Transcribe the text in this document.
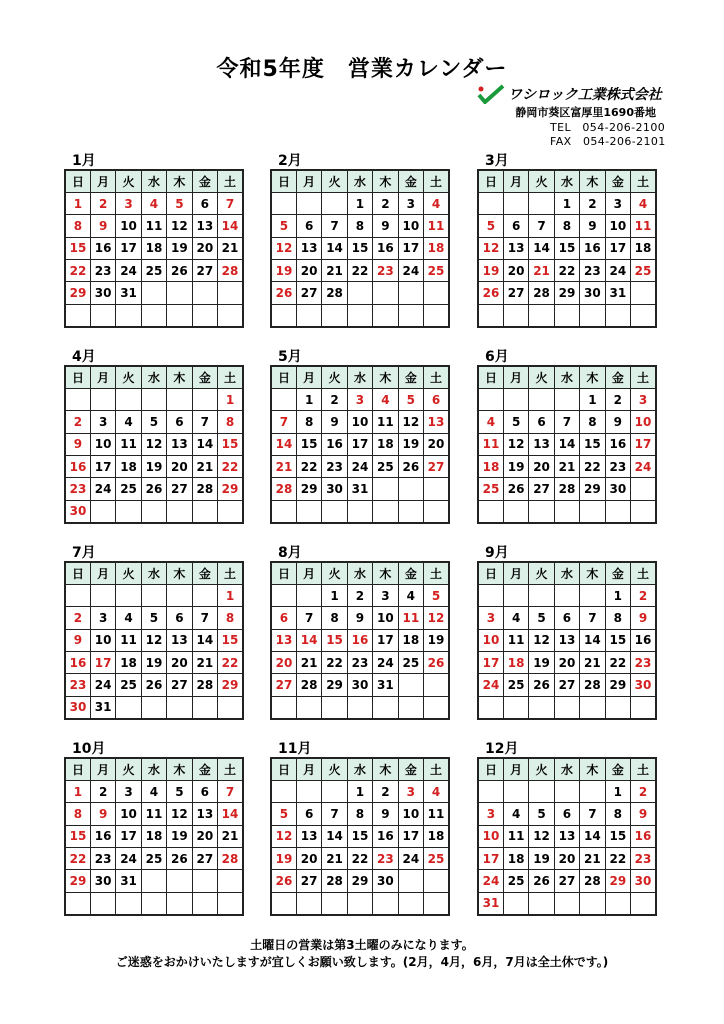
令和5年度　営業カレンダー
ワシロック工業株式会社
静岡市葵区富厚里1690番地
TEL　054-206-2100
FAX　054-206-2101
1月
日	月	火	水	木	金	土
1	2	3	4	5	6	7
8	9	10	11	12	13	14
15	16	17	18	19	20	21
22	23	24	25	26	27	28
29	30	31				

2月
日	月	火	水	木	金	土
			1	2	3	4
5	6	7	8	9	10	11
12	13	14	15	16	17	18
19	20	21	22	23	24	25
26	27	28				

3月
日	月	火	水	木	金	土
			1	2	3	4
5	6	7	8	9	10	11
12	13	14	15	16	17	18
19	20	21	22	23	24	25
26	27	28	29	30	31	

4月
日	月	火	水	木	金	土
						1
2	3	4	5	6	7	8
9	10	11	12	13	14	15
16	17	18	19	20	21	22
23	24	25	26	27	28	29
30						
5月
日	月	火	水	木	金	土
	1	2	3	4	5	6
7	8	9	10	11	12	13
14	15	16	17	18	19	20
21	22	23	24	25	26	27
28	29	30	31			

6月
日	月	火	水	木	金	土
				1	2	3
4	5	6	7	8	9	10
11	12	13	14	15	16	17
18	19	20	21	22	23	24
25	26	27	28	29	30	

7月
日	月	火	水	木	金	土
						1
2	3	4	5	6	7	8
9	10	11	12	13	14	15
16	17	18	19	20	21	22
23	24	25	26	27	28	29
30	31					
8月
日	月	火	水	木	金	土
		1	2	3	4	5
6	7	8	9	10	11	12
13	14	15	16	17	18	19
20	21	22	23	24	25	26
27	28	29	30	31		

9月
日	月	火	水	木	金	土
					1	2
3	4	5	6	7	8	9
10	11	12	13	14	15	16
17	18	19	20	21	22	23
24	25	26	27	28	29	30

10月
日	月	火	水	木	金	土
1	2	3	4	5	6	7
8	9	10	11	12	13	14
15	16	17	18	19	20	21
22	23	24	25	26	27	28
29	30	31				

11月
日	月	火	水	木	金	土
			1	2	3	4
5	6	7	8	9	10	11
12	13	14	15	16	17	18
19	20	21	22	23	24	25
26	27	28	29	30		

12月
日	月	火	水	木	金	土
					1	2
3	4	5	6	7	8	9
10	11	12	13	14	15	16
17	18	19	20	21	22	23
24	25	26	27	28	29	30
31						
土曜日の営業は第3土曜のみになります。
ご迷惑をおかけいたしますが宜しくお願い致します。(2月，4月，6月，7月は全土休です。)
